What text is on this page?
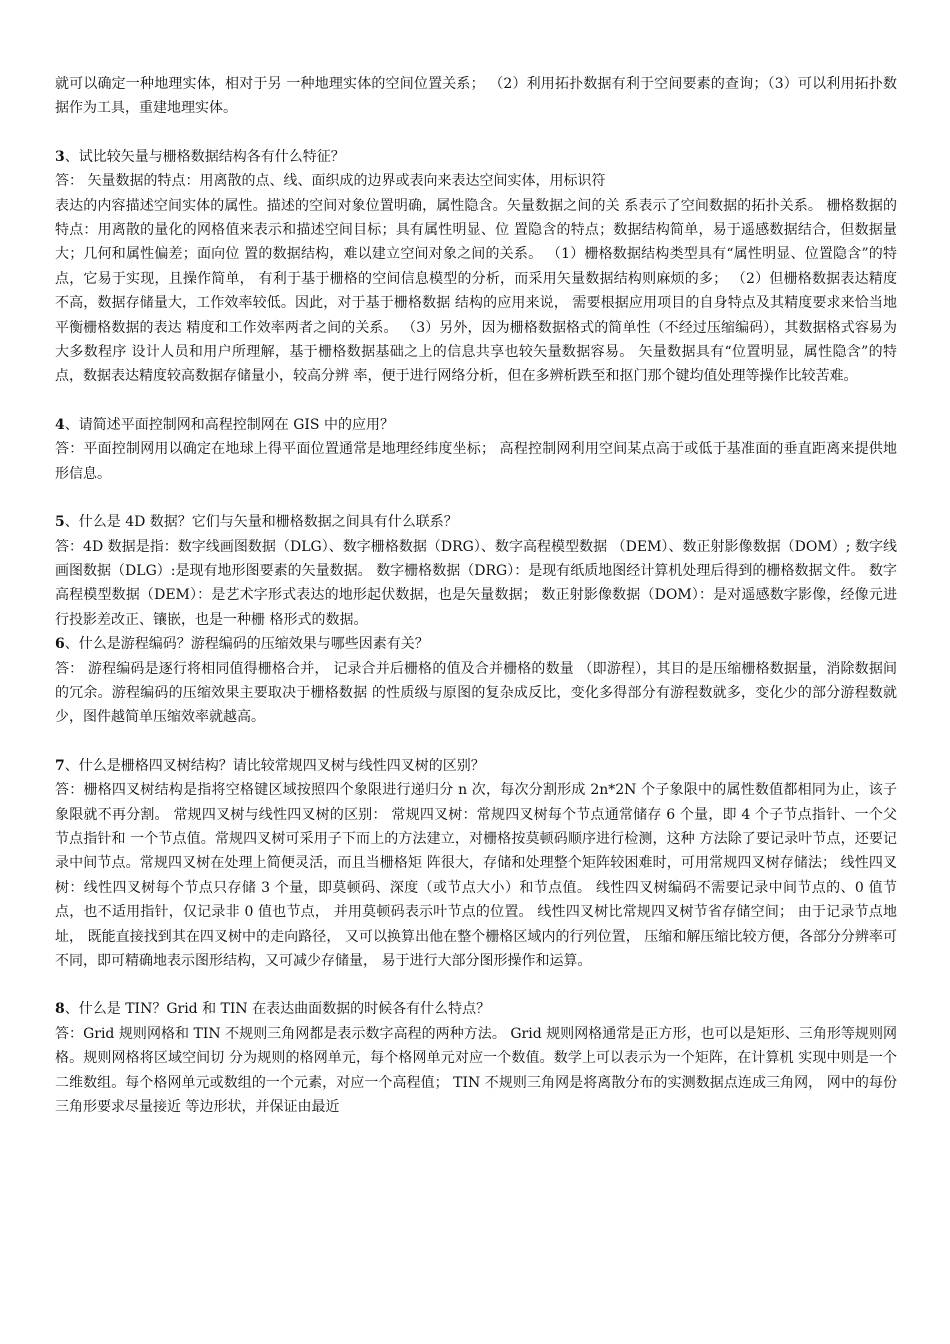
就可以确定一种地理实体，相对于另 一种地理实体的空间位置关系； （2）利用拓扑数据有利于空间要素的查询；（3）可以利用拓扑数据作为工具，重建地理实体。

3、试比较矢量与栅格数据结构各有什么特征？

答： 矢量数据的特点：用离散的点、线、面织成的边界或表向来表达空间实体，用标识符

表达的内容描述空间实体的属性。描述的空间对象位置明确，属性隐含。矢量数据之间的关 系表示了空间数据的拓扑关系。 栅格数据的特点：用离散的量化的网格值来表示和描述空间目标；具有属性明显、位 置隐含的特点；数据结构简单，易于遥感数据结合，但数据量大；几何和属性偏差；面向位 置的数据结构，难以建立空间对象之间的关系。 （1）栅格数据结构类型具有“属性明显、位置隐含”的特点，它易于实现，且操作简单， 有利于基于栅格的空间信息模型的分析，而采用矢量数据结构则麻烦的多； （2）但栅格数据表达精度不高，数据存储量大，工作效率较低。因此，对于基于栅格数据 结构的应用来说， 需要根据应用项目的自身特点及其精度要求来恰当地平衡栅格数据的表达 精度和工作效率两者之间的关系。 （3）另外，因为栅格数据格式的简单性（不经过压缩编码），其数据格式容易为大多数程序 设计人员和用户所理解，基于栅格数据基础之上的信息共享也较矢量数据容易。 矢量数据具有“位置明显，属性隐含”的特点，数据表达精度较高数据存储量小，较高分辨 率，便于进行网络分析，但在多辨析跌至和抠门那个键均值处理等操作比较苦难。

4、请简述平面控制网和高程控制网在 GIS 中的应用？

答：平面控制网用以确定在地球上得平面位置通常是地理经纬度坐标； 高程控制网利用空间某点高于或低于基准面的垂直距离来提供地形信息。

5、什么是 4D 数据？它们与矢量和栅格数据之间具有什么联系？

答：4D 数据是指：数字线画图数据（DLG）、数字栅格数据（DRG）、数字高程模型数据 （DEM）、数正射影像数据（DOM）; 数字线画图数据（DLG）:是现有地形图要素的矢量数据。 数字栅格数据（DRG）：是现有纸质地图经计算机处理后得到的栅格数据文件。 数字高程模型数据（DEM）：是艺术字形式表达的地形起伏数据，也是矢量数据； 数正射影像数据（DOM）：是对遥感数字影像，经像元进行投影差改正、镶嵌，也是一种栅 格形式的数据。

6、什么是游程编码？游程编码的压缩效果与哪些因素有关？

答： 游程编码是逐行将相同值得栅格合并， 记录合并后栅格的值及合并栅格的数量 （即游程），其目的是压缩栅格数据量，消除数据间的冗余。游程编码的压缩效果主要取决于栅格数据 的性质级与原图的复杂成反比，变化多得部分有游程数就多，变化少的部分游程数就少，图件越简单压缩效率就越高。

7、什么是栅格四叉树结构？请比较常规四叉树与线性四叉树的区别？

答：栅格四叉树结构是指将空格键区域按照四个象限进行递归分 n 次，每次分割形成 2n*2N 个子象限中的属性数值都相同为止，该子象限就不再分割。 常规四叉树与线性四叉树的区别： 常规四叉树：常规四叉树每个节点通常储存 6 个量，即 4 个子节点指针、一个父节点指针和 一个节点值。常规四叉树可采用子下而上的方法建立，对栅格按莫顿码顺序进行检测，这种 方法除了要记录叶节点，还要记录中间节点。常规四叉树在处理上简便灵活，而且当栅格矩 阵很大，存储和处理整个矩阵较困难时，可用常规四叉树存储法； 线性四叉树：线性四叉树每个节点只存储 3 个量，即莫顿码、深度（或节点大小）和节点值。 线性四叉树编码不需要记录中间节点的、0 值节点，也不适用指针，仅记录非 0 值也节点， 并用莫顿码表示叶节点的位置。 线性四叉树比常规四叉树节省存储空间； 由于记录节点地址， 既能直接找到其在四叉树中的走向路径， 又可以换算出他在整个栅格区域内的行列位置， 压缩和解压缩比较方便，各部分分辨率可不同，即可精确地表示图形结构，又可减少存储量， 易于进行大部分图形操作和运算。

8、什么是 TIN？Grid 和 TIN 在表达曲面数据的时候各有什么特点？

答：Grid 规则网格和 TIN 不规则三角网都是表示数字高程的两种方法。 Grid 规则网格通常是正方形，也可以是矩形、三角形等规则网格。规则网格将区域空间切 分为规则的格网单元，每个格网单元对应一个数值。数学上可以表示为一个矩阵，在计算机 实现中则是一个二维数组。每个格网单元或数组的一个元素，对应一个高程值； TIN 不规则三角网是将离散分布的实测数据点连成三角网， 网中的每份三角形要求尽量接近 等边形状，并保证由最近
